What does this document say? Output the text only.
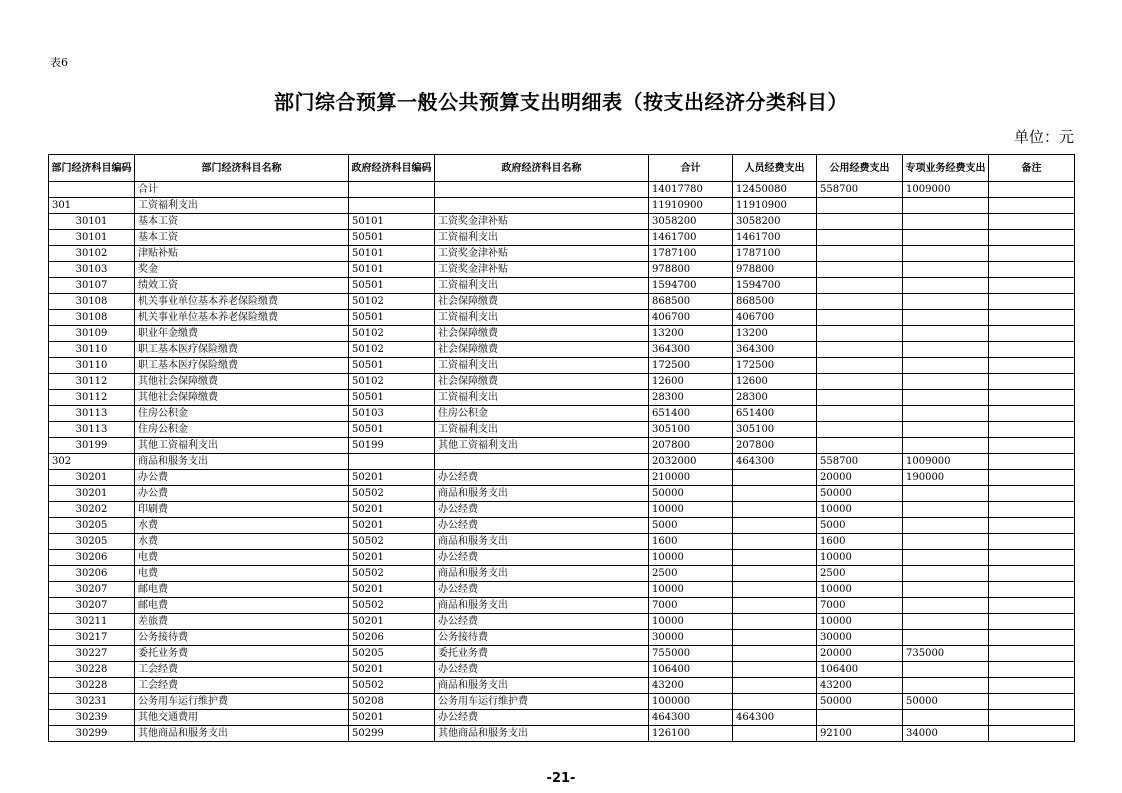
表6
部门综合预算一般公共预算支出明细表（按支出经济分类科目）
单位：元
部门经济科目编码	部门经济科目名称	政府经济科目编码	政府经济科目名称	合计	人员经费支出	公用经费支出	专项业务经费支出	备注
	合计			14017780	12450080	558700	1009000	
301	工资福利支出			11910900	11910900			
30101	基本工资	50101	工资奖金津补贴	3058200	3058200			
30101	基本工资	50501	工资福利支出	1461700	1461700			
30102	津贴补贴	50101	工资奖金津补贴	1787100	1787100			
30103	奖金	50101	工资奖金津补贴	978800	978800			
30107	绩效工资	50501	工资福利支出	1594700	1594700			
30108	机关事业单位基本养老保险缴费	50102	社会保障缴费	868500	868500			
30108	机关事业单位基本养老保险缴费	50501	工资福利支出	406700	406700			
30109	职业年金缴费	50102	社会保障缴费	13200	13200			
30110	职工基本医疗保险缴费	50102	社会保障缴费	364300	364300			
30110	职工基本医疗保险缴费	50501	工资福利支出	172500	172500			
30112	其他社会保障缴费	50102	社会保障缴费	12600	12600			
30112	其他社会保障缴费	50501	工资福利支出	28300	28300			
30113	住房公积金	50103	住房公积金	651400	651400			
30113	住房公积金	50501	工资福利支出	305100	305100			
30199	其他工资福利支出	50199	其他工资福利支出	207800	207800			
302	商品和服务支出			2032000	464300	558700	1009000	
30201	办公费	50201	办公经费	210000		20000	190000	
30201	办公费	50502	商品和服务支出	50000		50000		
30202	印刷费	50201	办公经费	10000		10000		
30205	水费	50201	办公经费	5000		5000		
30205	水费	50502	商品和服务支出	1600		1600		
30206	电费	50201	办公经费	10000		10000		
30206	电费	50502	商品和服务支出	2500		2500		
30207	邮电费	50201	办公经费	10000		10000		
30207	邮电费	50502	商品和服务支出	7000		7000		
30211	差旅费	50201	办公经费	10000		10000		
30217	公务接待费	50206	公务接待费	30000		30000		
30227	委托业务费	50205	委托业务费	755000		20000	735000	
30228	工会经费	50201	办公经费	106400		106400		
30228	工会经费	50502	商品和服务支出	43200		43200		
30231	公务用车运行维护费	50208	公务用车运行维护费	100000		50000	50000	
30239	其他交通费用	50201	办公经费	464300	464300			
30299	其他商品和服务支出	50299	其他商品和服务支出	126100		92100	34000	
-21-
